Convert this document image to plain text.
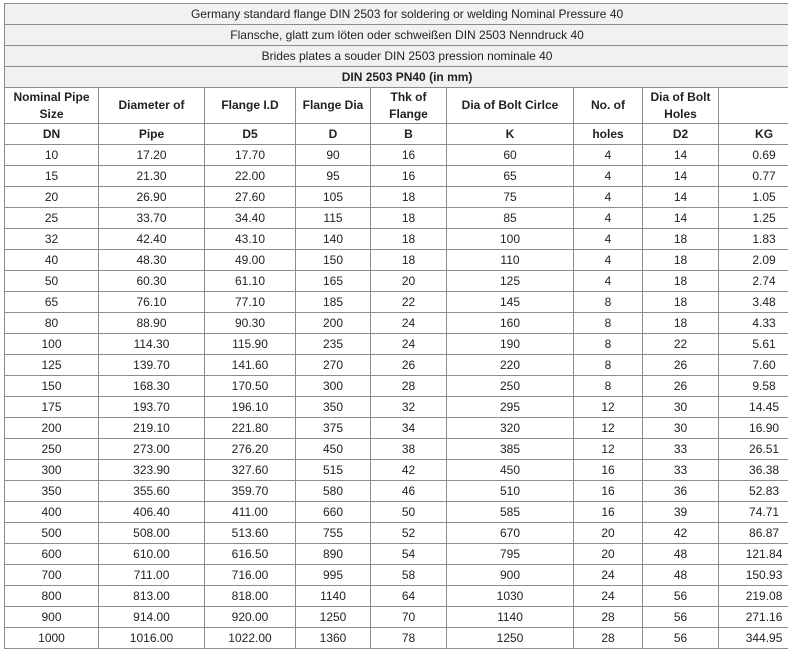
Germany standard flange DIN 2503 for soldering or welding Nominal Pressure 40								
Flansche, glatt zum löten oder schweißen DIN 2503 Nenndruck 40								
Brides plates a souder DIN 2503 pression nominale 40								
DIN 2503 PN40 (in mm)								
Nominal Pipe Size	Diameter of	Flange I.D	Flange Dia	Thk of Flange	Dia of Bolt Cirlce	No. of	Dia of Bolt Holes	
DN	Pipe	D5	D	B	K	holes	D2	KG
10	17.20	17.70	90	16	60	4	14	0.69
15	21.30	22.00	95	16	65	4	14	0.77
20	26.90	27.60	105	18	75	4	14	1.05
25	33.70	34.40	115	18	85	4	14	1.25
32	42.40	43.10	140	18	100	4	18	1.83
40	48.30	49.00	150	18	110	4	18	2.09
50	60.30	61.10	165	20	125	4	18	2.74
65	76.10	77.10	185	22	145	8	18	3.48
80	88.90	90.30	200	24	160	8	18	4.33
100	114.30	115.90	235	24	190	8	22	5.61
125	139.70	141.60	270	26	220	8	26	7.60
150	168.30	170.50	300	28	250	8	26	9.58
175	193.70	196.10	350	32	295	12	30	14.45
200	219.10	221.80	375	34	320	12	30	16.90
250	273.00	276.20	450	38	385	12	33	26.51
300	323.90	327.60	515	42	450	16	33	36.38
350	355.60	359.70	580	46	510	16	36	52.83
400	406.40	411.00	660	50	585	16	39	74.71
500	508.00	513.60	755	52	670	20	42	86.87
600	610.00	616.50	890	54	795	20	48	121.84
700	711.00	716.00	995	58	900	24	48	150.93
800	813.00	818.00	1140	64	1030	24	56	219.08
900	914.00	920.00	1250	70	1140	28	56	271.16
1000	1016.00	1022.00	1360	78	1250	28	56	344.95
